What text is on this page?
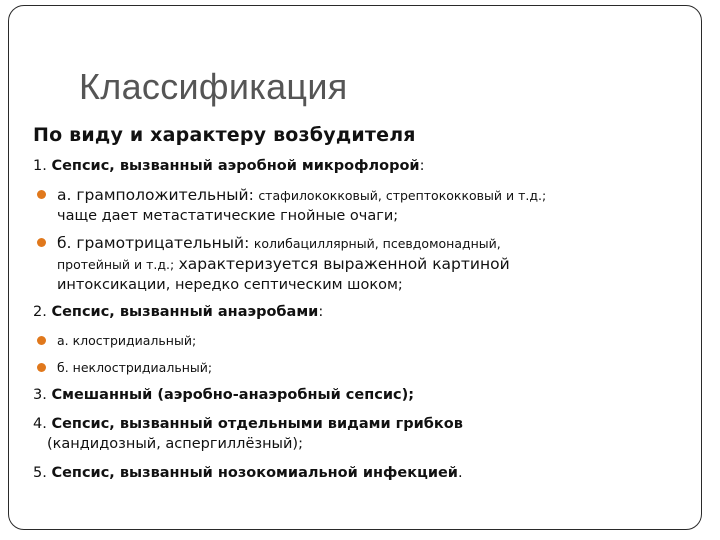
Классификация
По виду и характеру возбудителя
1. Сепсис, вызванный аэробной микрофлорой:
а. грамположительный: стафилококковый, стрептококковый и т.д.;
чаще дает метастатические гнойные очаги;
б. грамотрицательный: колибациллярный, псевдомонадный,
протейный и т.д.; характеризуется выраженной картиной
интоксикации, нередко септическим шоком;
2. Сепсис, вызванный анаэробами:
а. клостридиальный;
б. неклостридиальный;
3. Смешанный (аэробно-анаэробный сепсис);
4. Сепсис, вызванный отдельными видами грибков
(кандидозный, аспергиллёзный);
5. Сепсис, вызванный нозокомиальной инфекцией.
